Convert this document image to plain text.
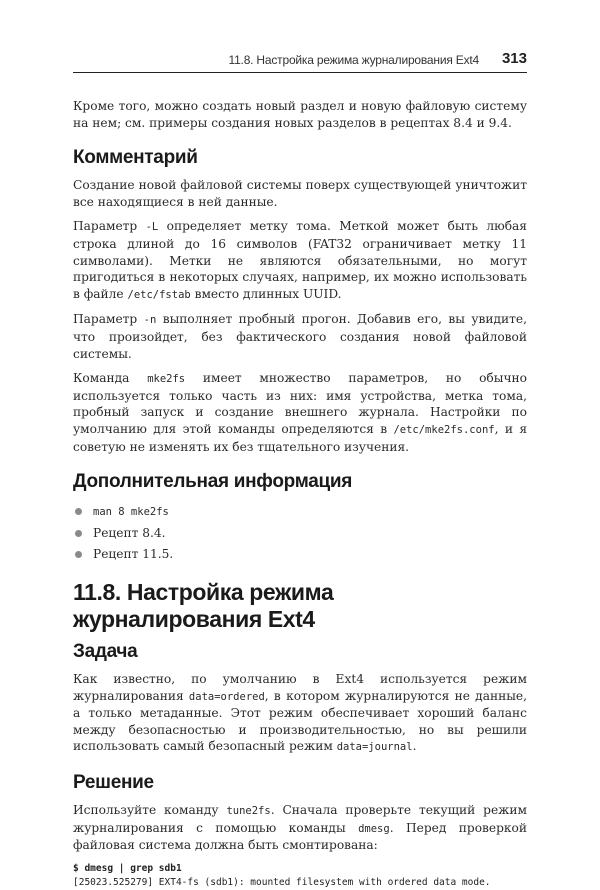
11.8. Настройка режима журналирования Ext4 313

Кроме того, можно создать новый раздел и новую файловую систему на нем; см. примеры создания новых разделов в рецептах 8.4 и 9.4.

Комментарий

Создание новой файловой системы поверх существующей уничтожит все находящиеся в ней данные.

Параметр -L определяет метку тома. Меткой может быть любая строка длиной до 16 символов (FAT32 ограничивает метку 11 символами). Метки не являются обязательными, но могут пригодиться в некоторых случаях, например, их можно использовать в файле /etc/fstab вместо длинных UUID.

Параметр -n выполняет пробный прогон. Добавив его, вы увидите, что произойдет, без фактического создания новой файловой системы.

Команда mke2fs имеет множество параметров, но обычно используется только часть из них: имя устройства, метка тома, пробный запуск и создание внешнего журнала. Настройки по умолчанию для этой команды определяются в /etc/mke2fs.conf, и я советую не изменять их без тщательного изучения.

Дополнительная информация
man 8 mke2fs
Рецепт 8.4.
Рецепт 11.5.
11.8. Настройка режима журналирования Ext4
Задача

Как известно, по умолчанию в Ext4 используется режим журналирования data=ordered, в котором журналируются не данные, а только метаданные. Этот режим обеспечивает хороший баланс между безопасностью и производительностью, но вы решили использовать самый безопасный режим data=journal.

Решение

Используйте команду tune2fs. Сначала проверьте текущий режим журналирования с помощью команды dmesg. Перед проверкой файловая система должна быть смонтирована:

$ dmesg | grep sdb1
[25023.525279] EXT4-fs (sdb1): mounted filesystem with ordered data mode.
